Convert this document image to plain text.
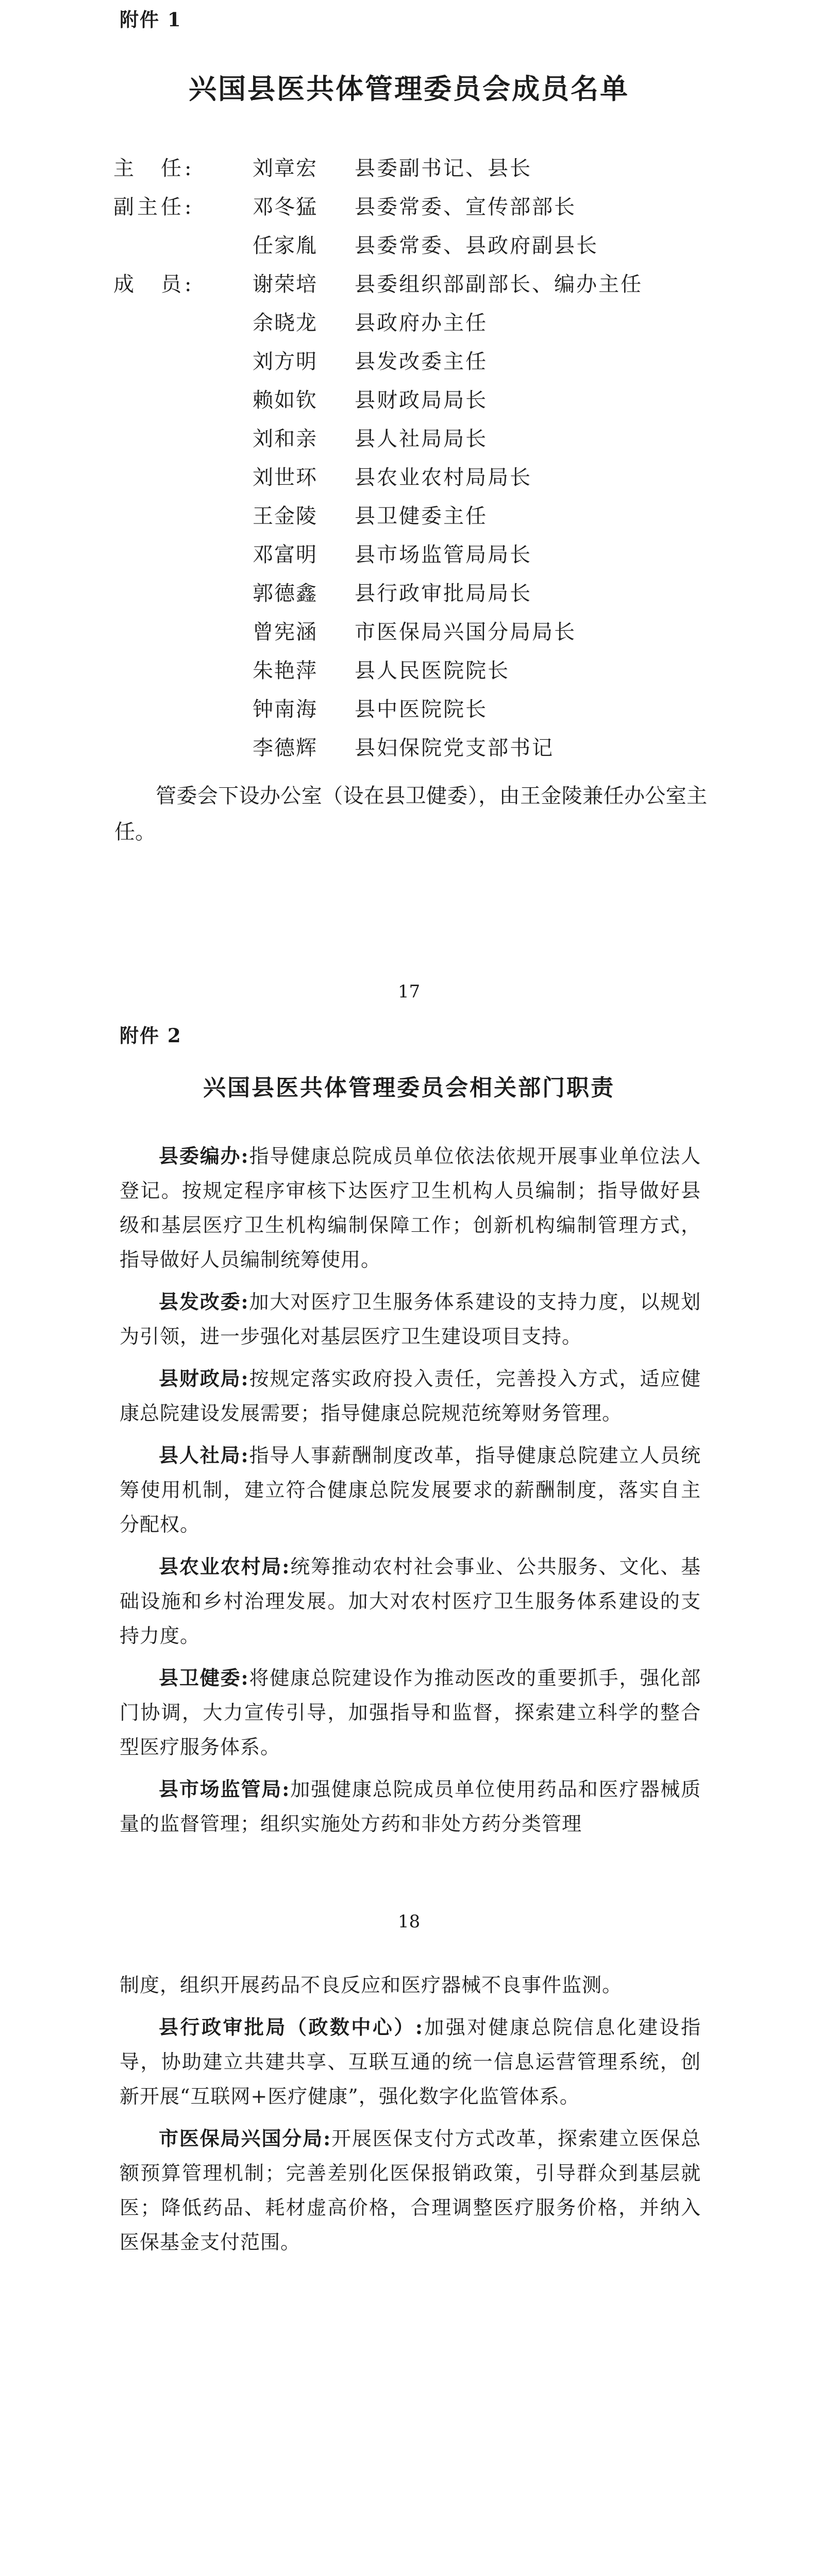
附件 1
兴国县医共体管理委员会成员名单
主　任:	刘章宏 县委副书记、县长
副主任:	邓冬猛 县委常委、宣传部部长
任家胤 县委常委、县政府副县长
成　员:	谢荣培 县委组织部副部长、编办主任
余晓龙 县政府办主任
刘方明 县发改委主任
赖如钦 县财政局局长
刘和亲 县人社局局长
刘世环 县农业农村局局长
王金陵 县卫健委主任
邓富明 县市场监管局局长
郭德鑫 县行政审批局局长
曾宪涵 市医保局兴国分局局长
朱艳萍 县人民医院院长
钟南海 县中医院院长
李德辉 县妇保院党支部书记

管委会下设办公室（设在县卫健委），由王金陵兼任办公室主任。

17
附件 2
兴国县医共体管理委员会相关部门职责

县委编办:指导健康总院成员单位依法依规开展事业单位法人登记。按规定程序审核下达医疗卫生机构人员编制；指导做好县级和基层医疗卫生机构编制保障工作；创新机构编制管理方式，指导做好人员编制统筹使用。

县发改委:加大对医疗卫生服务体系建设的支持力度，以规划为引领，进一步强化对基层医疗卫生建设项目支持。

县财政局:按规定落实政府投入责任，完善投入方式，适应健康总院建设发展需要；指导健康总院规范统筹财务管理。

县人社局:指导人事薪酬制度改革，指导健康总院建立人员统筹使用机制，建立符合健康总院发展要求的薪酬制度，落实自主分配权。

县农业农村局:统筹推动农村社会事业、公共服务、文化、基础设施和乡村治理发展。加大对农村医疗卫生服务体系建设的支持力度。

县卫健委:将健康总院建设作为推动医改的重要抓手，强化部门协调，大力宣传引导，加强指导和监督，探索建立科学的整合型医疗服务体系。

县市场监管局:加强健康总院成员单位使用药品和医疗器械质量的监督管理；组织实施处方药和非处方药分类管理

18

制度，组织开展药品不良反应和医疗器械不良事件监测。

县行政审批局（政数中心）:加强对健康总院信息化建设指导，协助建立共建共享、互联互通的统一信息运营管理系统，创新开展“互联网+医疗健康”，强化数字化监管体系。

市医保局兴国分局:开展医保支付方式改革，探索建立医保总额预算管理机制；完善差别化医保报销政策，引导群众到基层就医；降低药品、耗材虚高价格，合理调整医疗服务价格，并纳入医保基金支付范围。
